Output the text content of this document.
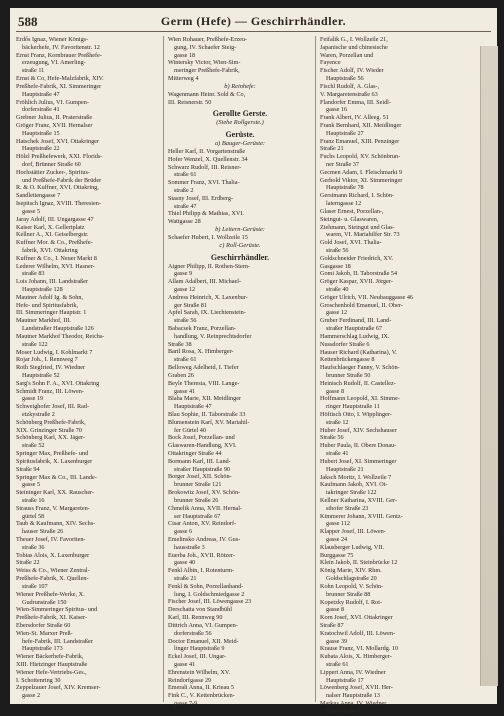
588	Germ (Hefe) — Geschirrhändler.
Erdős Ignaz, Wiener Königs-
bäckerhefe, IV. Favoritenstr. 12
Ernst Franz, Kornbrauer Preßhefe-
erzeugung, VI. Amerling-
straße 11
Ernst & Co, Hefe-Malzfabrik, XIV.
Preßhefe-Fabrik, XI. Simmeringer
Hauptstraße 47
Fröhlich Julius, VI. Gumpen-
dorferstraße 41
Grebner Julius, II. Praterstraße
Gröger Franz, XVII. Hernalser
Hauptstraße 15
Hatschek Josef, XVI. Ottakringer
Hauptstraße 22
Hölzl Preßhefewerk, XXI. Florids-
dorf, Brünner Straße 60
Hochstätter Zucker-, Spiritus-
und Preßhefe-Fabrik der Brüder
R. & O. Kuffner, XVI. Ottakring,
Sandleitengasse 7
Isepitsch Ignaz, XVIII. Theresien-
gasse 5
Jaray Adolf, III. Ungargasse 47
Kaiser Karl, X. Gellertplatz
Kellner A., XI. Geiselbergstr.
Kuffner Mor. & Co., Preßhefe-
fabrik, XVI. Ottakring
Kuffner & Co., I. Neuer Markt 8
Lederer Wilhelm, XVI. Hasner-
straße 83
Lois Johann, III. Landstraßer
Hauptstraße 128
Mautner Adolf Ig. & Sohn,
Hefe- und Spiritusfabrik,
III. Simmeringer Hauptstr. 1
Mautner Markhof, III.
Landstraßer Hauptstraße 126
Mautner Markhof Theodor, Reichs-
straße 122
Moser Ludwig, I. Kohlmarkt 7
Rojar Joh., I. Rennweg 7
Roth Siegfried, IV. Wiedner
Hauptstraße 52
Sarg's Sohn F. A., XVI. Ottakring
Schmidt Franz, III. Löwen-
gasse 19
Schweighofer Josef, III. Rad-
etzkystraße 2
Schönberg Preßhefe-Fabrik,
XIX. Grinzinger Straße 70
Schönberg Karl, XX. Jäger-
straße 52
Springer Max, Preßhefe- und
Spiritusfabrik, X. Laxenburger
Straße 94
Springer Max & Co., III. Lande-
gasse 5
Steininger Karl, XX. Rauscher-
straße 16
Strauss Franz, V. Margareten-
gürtel 58
Taub & Kaufmann, XIV. Sechs-
hauser Straße 26
Theuer Josef, IV. Favoriten-
straße 36
Tobias Alois, X. Laxenburger
Straße 22
Weiss & Co., Wiener Zentral-
Preßhefe-Fabrik, X. Quellen-
straße 107
Wiener Preßhefe-Werke, X.
Gudrunstraße 150
Wien-Simmeringer Spiritus- und
Preßhefe-Fabrik, XI. Kaiser-
Ebersdorfer Straße 60
Wien-St. Marxer Preß-
hefe-Fabrik, III. Landstraßer
Hauptstraße 173
Wiener Bäckerhefe-Fabrik,
XIII. Hietzinger Hauptstraße
Wiener Hefe-Vertriebs-Ges.,
I. Schottenring 30
Zeppelzauer Josef, XIV. Kremser-
gasse 2
Wien Rohauer, Preßhefe-Erzeu-
gung, IV. Schaefer Steig-
gasse 18
Wintersky Victor, Wien-Sim-
meringer Preßhefe-Fabrik,
Mitterweg 4
b) Reinhefe:
Wagenmann Heinr. Sold & Co,
III. Reisnerstr. 50
Gerollte Gerste.
(Siehe Rollgerste.)
Gerüste.
a) Bauger-Gerüste:
Heller Karl, II. Vorgartenstraße
Hofer Wenzel, X. Quellenstr. 34
Schwarz Rudolf, III. Reisner-
straße 61
Sommer Franz, XVI. Thalia-
straße 2
Stasny Josef, III. Erdberg-
straße 47
Thiel Philipp & Mathias, XVI.
Wattgasse 28
b) Leitern-Gerüste:
Schaefer Hubert, I. Wollzeile 15
c) Roll-Gerüste.
Geschirrhändler.
Aigner Philipp, II. Rothen-Stern-
gasse 9
Allam Adalbert, III. Michael-
gasse 12
Andress Heinrich, X. Laxenbur-
ger Straße 81
Apfel Sarah, IX. Liechtenstein-
straße 56
Babacsek Franz, Porzellan-
handlung, V. Reinprechtsdorfer
Straße 38
Bartl Rosa, X. Himberger-
straße 61
Belloweg Adelheid, I. Tiefer
Graben 26
Beyle Theresia, VIII. Lange-
gasse 41
Blaha Marie, XII. Meidlinger
Hauptstraße 47
Blau Sophie, II. Taborstraße 33
Blumenstein Karl, XV. Mariahil-
fer Gürtel 40
Bock Josef, Porzellan- und
Glaswaren-Handlung, XVI.
Ottakringer Straße 44
Bormann Karl, III. Land-
straßer Hauptstraße 90
Borger Josef, XII. Schön-
brunner Straße 121
Brokowitz Josef, XV. Schön-
brunner Straße 26
Chmelik Anna, XVII. Hernal-
ser Hauptstraße 67
Cisar Anton, XV. Reindorf-
gasse 6
Emelinsko Andreas, IV. Gus-
hausstraße 3
Euerba Joh., XVII. Rötzer-
gasse 40
Fenkl Albin, I. Rotenturm-
straße 21
Fenkl & Sohn, Porzellanhand-
lung, I. Goldschmiedgasse 2
Fischer Josef, III. Löwengasse 23
Derschatta von Standbühl
Karl, III. Rennweg 90
Dittrich Anna, VI. Gumpen-
dorferstraße 56
Doctor Emanuel, XII. Meid-
linger Hauptstraße 9
Eckel Josef, III. Ungar-
gasse 41
Ehrenstein Wilhelm, XV.
Reindorfgasse 29
Emerali Anna, II. Krieau 5
Fink C., V. Kettenbrücken-
gasse 7-9
Feifalik G., I. Wollzeile 21,
Japanische und chinesische
Waren, Porzellan und
Fayence
Fischer Adolf, IV. Wieder
Hauptstraße 56
Fischl Rudolf, A. Glas-,
V. Margaretenstraße 63
Flandorfer Emma, III. Seidl-
gasse 16
Frank Albert, IV. Alleeg. 51
Frank Bernhard, XII. Meidlinger
Hauptstraße 27
Franz Emanuel, XIII. Penzinger
Straße 21
Fuchs Leopold, XV. Schönbrun-
ner Straße 37
Gecmen Adam, I. Fleischmarkt 9
Gerhold Viktor, XI. Simmeringer
Hauptstraße 78
Gerstmann Richard, I. Schön-
laterngasse 12
Glaser Ernest, Porzellan-,
Steingut- u. Glaswaren,
Ziehmann, Steingut und Glas-
waren, VI. Mariahilfer Str. 73
Gold Josef, XVI. Thalia-
straße 56
Goldschneider Friedrich, XV.
Gasgasse 18
Gomi Jakob, II. Taborstraße 54
Gröger Kaspar, XVII. Jörger-
straße 40
Gröger Ulrich, VII. Neubauggasse 46
Groschenhold Emanuel, II. Ober-
gasse 12
Gruber Ferdinand, III. Land-
straßer Hauptstraße 67
Hammerschlag Ludwig, IX.
Nussdorfer Straße 6
Hauser Richard (Katharina), V.
Kettenbrückengasse 8
Haufschlaeger Fanny, V. Schön-
brunner Straße 50
Heinisch Rudolf, II. Castellez-
gasse 8
Hoffmann Leopold, XI. Simme-
ringer Hauptstraße 11
Höftisch Otto, I. Wipplinger-
straße 12
Huber Josef, XIV. Sechshauser
Straße 56
Huber Paula, II. Obere Donau-
straße 41
Hubert Josef, XI. Simmeringer
Hauptstraße 21
Jaksch Moritz, I. Wollzeile 7
Kaufmann Jakob, XVI. Ot-
takringer Straße 122
Kellner Katharina, XVIII. Ger-
sthofer Straße 23
Kimmerer Johann, XVIII. Gentz-
gasse 112
Klapper Josef, III. Löwen-
gasse 24
Klausberger Ludwig, VII.
Burggasse 75
Klein Jakob, II. Steinbrücke 12
König Marie, XIV. Rhm.
Goldschlagstraße 20
Kohn Leopold, V. Schön-
brunner Straße 88
Kopetzky Rudolf, I. Rot-
gasse 8
Korn Josef, XVI. Ottakringer
Straße 87
Kratochwil Adolf, III. Löwen-
gasse 39
Krause Franz, VI. Mollardg. 10
Kubata Alois, X. Himberger-
straße 61
Lippert Anna, IV. Wiedner
Hauptstraße 17
Löwenberg Josef, XVII. Her-
nalser Hauptstraße 13
Markus Anna, IV. Wiedner
Hauptstraße 52
